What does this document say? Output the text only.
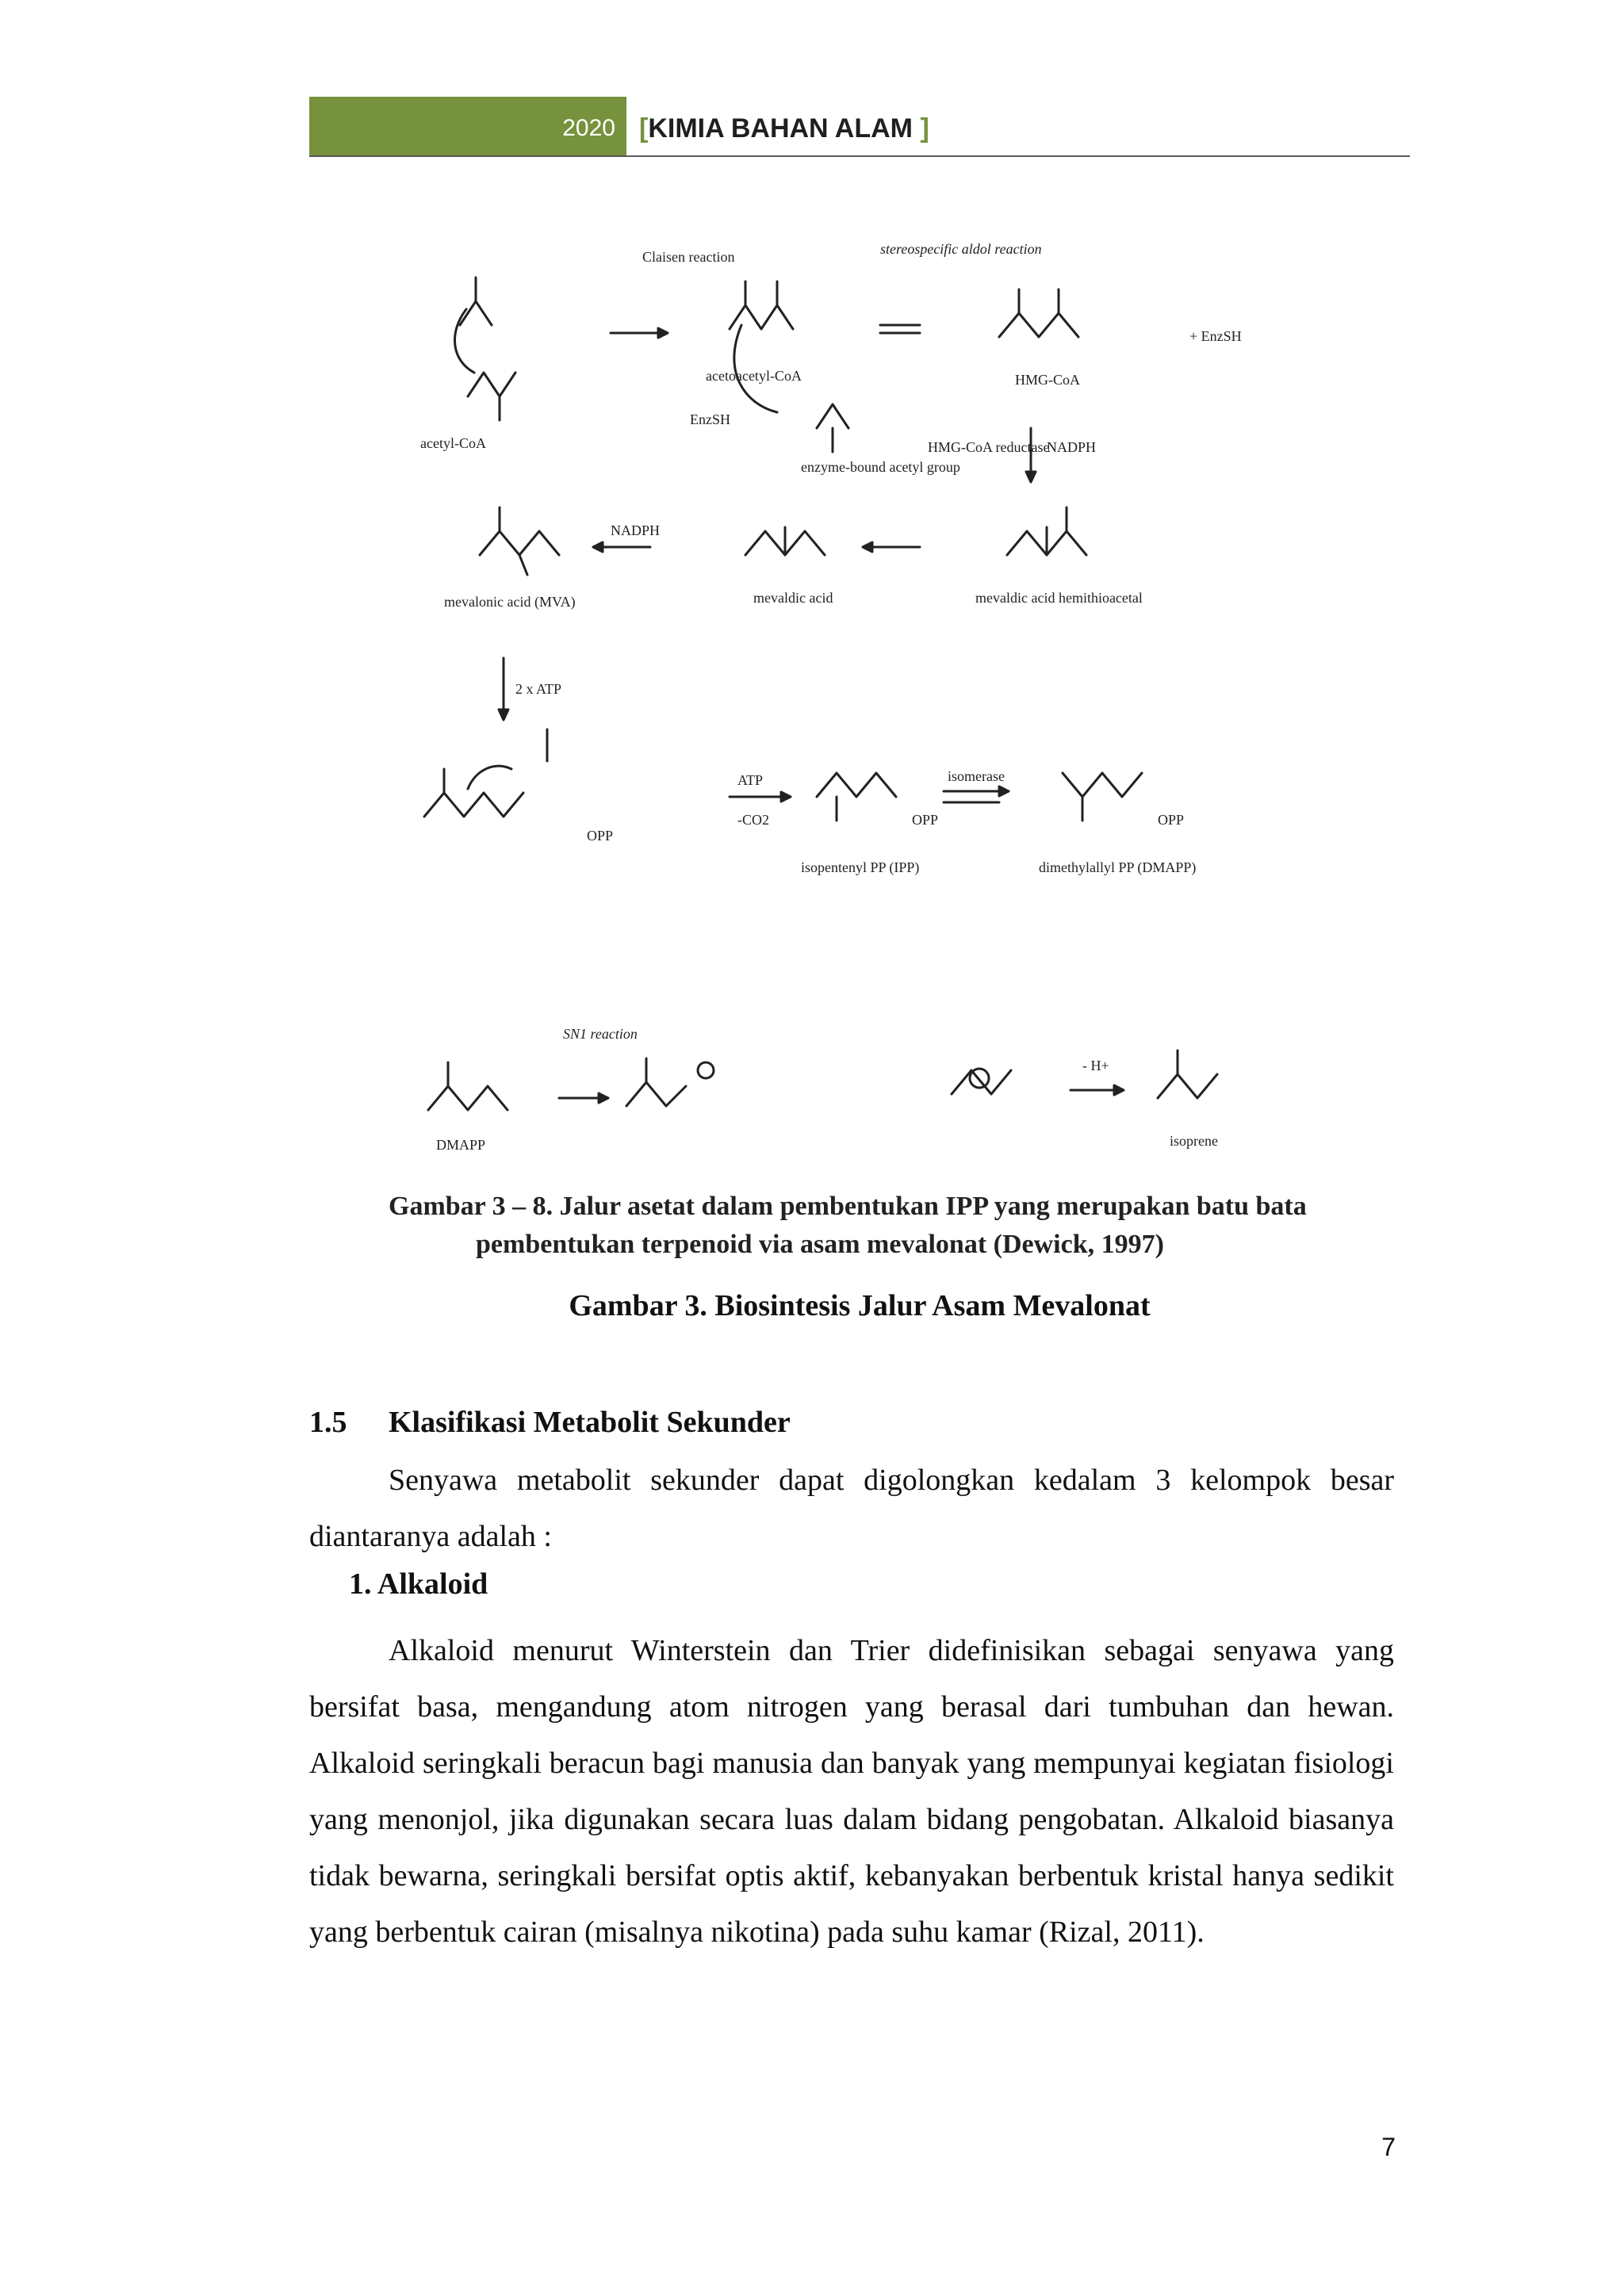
2020 [KIMIA BAHAN ALAM ]
Claisen reaction	stereospecific aldol reaction
acetyl-CoA
EnzSH
+ EnzSH
acetoacetyl-CoA
enzyme-bound acetyl group
HMG-CoA
HMG-CoA reductase
NADPH
NADPH
mevalonic acid (MVA)	mevaldic acid	mevaldic acid hemithioacetal
2 x ATP
ATP
-CO2
isomerase
isopentenyl PP (IPP)	dimethylallyl PP (DMAPP)
OPP
OPP	OPP
SN1 reaction
- H+
DMAPP	isoprene
Gambar 3 – 8. Jalur asetat dalam pembentukan IPP yang merupakan batu bata
pembentukan terpenoid via asam mevalonat (Dewick, 1997)
Gambar 3. Biosintesis Jalur Asam Mevalonat
1.5 Klasifikasi Metabolit Sekunder

Senyawa metabolit sekunder dapat digolongkan kedalam 3 kelompok besar diantaranya adalah :

1. Alkaloid

Alkaloid menurut Winterstein dan Trier didefinisikan sebagai senyawa yang bersifat basa, mengandung atom nitrogen yang berasal dari tumbuhan dan hewan. Alkaloid seringkali beracun bagi manusia dan banyak yang mempunyai kegiatan fisiologi yang menonjol, jika digunakan secara luas dalam bidang pengobatan. Alkaloid biasanya tidak bewarna, seringkali bersifat optis aktif, kebanyakan berbentuk kristal hanya sedikit yang berbentuk cairan (misalnya nikotina) pada suhu kamar (Rizal, 2011).

7
